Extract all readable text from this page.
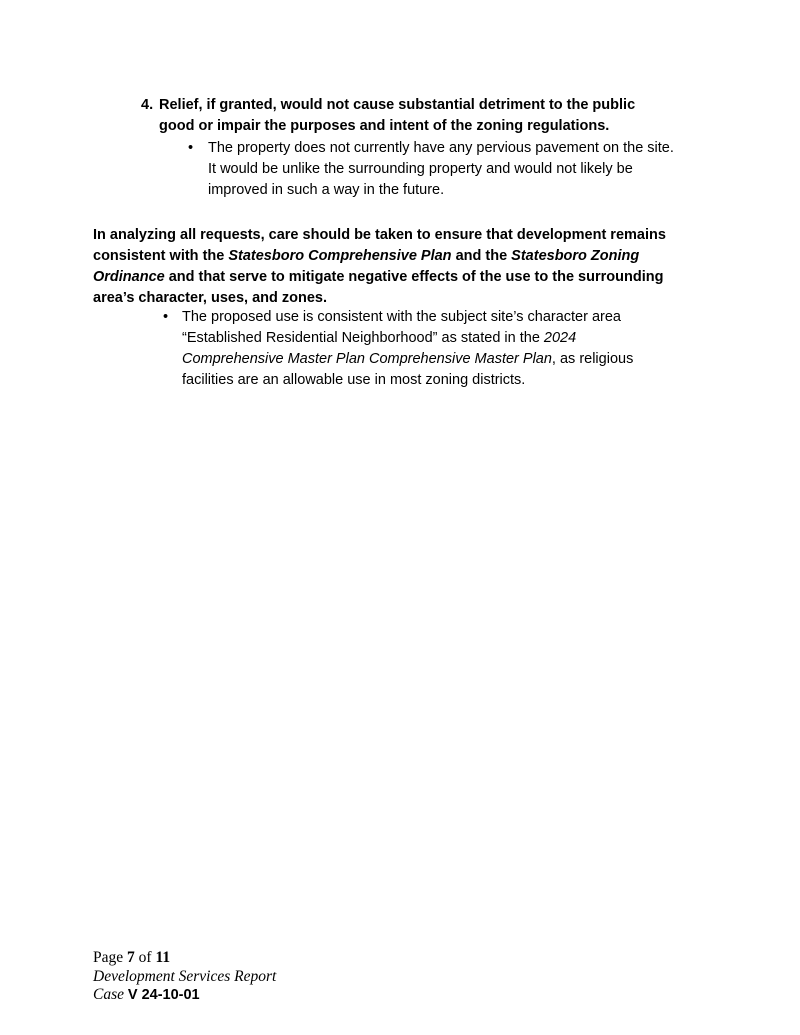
4. Relief, if granted, would not cause substantial detriment to the public
good or impair the purposes and intent of the zoning regulations.
• The property does not currently have any pervious pavement on the site.
It would be unlike the surrounding property and would not likely be
improved in such a way in the future.
In analyzing all requests, care should be taken to ensure that development remains
consistent with the Statesboro Comprehensive Plan and the Statesboro Zoning
Ordinance and that serve to mitigate negative effects of the use to the surrounding
area’s character, uses, and zones.
• The proposed use is consistent with the subject site’s character area
“Established Residential Neighborhood” as stated in the 2024
Comprehensive Master Plan Comprehensive Master Plan, as religious
facilities are an allowable use in most zoning districts.
Page 7 of 11
Development Services Report
Case V 24-10-01
